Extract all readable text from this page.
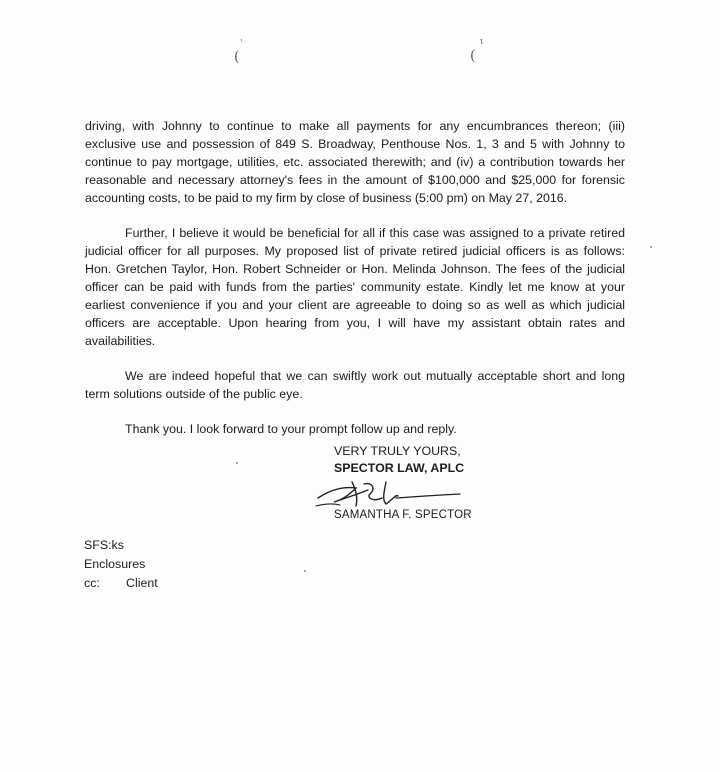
(
'
(
ι

driving, with Johnny to continue to make all payments for any encumbrances thereon; (iii) exclusive use and possession of 849 S. Broadway, Penthouse Nos. 1, 3 and 5 with Johnny to continue to pay mortgage, utilities, etc. associated therewith; and (iv) a contribution towards her reasonable and necessary attorney's fees in the amount of $100,000 and $25,000 for forensic accounting costs, to be paid to my firm by close of business (5:00 pm) on May 27, 2016.

Further, I believe it would be beneficial for all if this case was assigned to a private retired judicial officer for all purposes. My proposed list of private retired judicial officers is as follows: Hon. Gretchen Taylor, Hon. Robert Schneider or Hon. Melinda Johnson. The fees of the judicial officer can be paid with funds from the parties' community estate. Kindly let me know at your earliest convenience if you and your client are agreeable to doing so as well as which judicial officers are acceptable. Upon hearing from you, I will have my assistant obtain rates and availabilities.

We are indeed hopeful that we can swiftly work out mutually acceptable short and long term solutions outside of the public eye.

Thank you. I look forward to your prompt follow up and reply.

VERY TRULY YOURS,
SPECTOR LAW, APLC
SAMANTHA F. SPECTOR
SFS:ks
Enclosures
cc:	Client
